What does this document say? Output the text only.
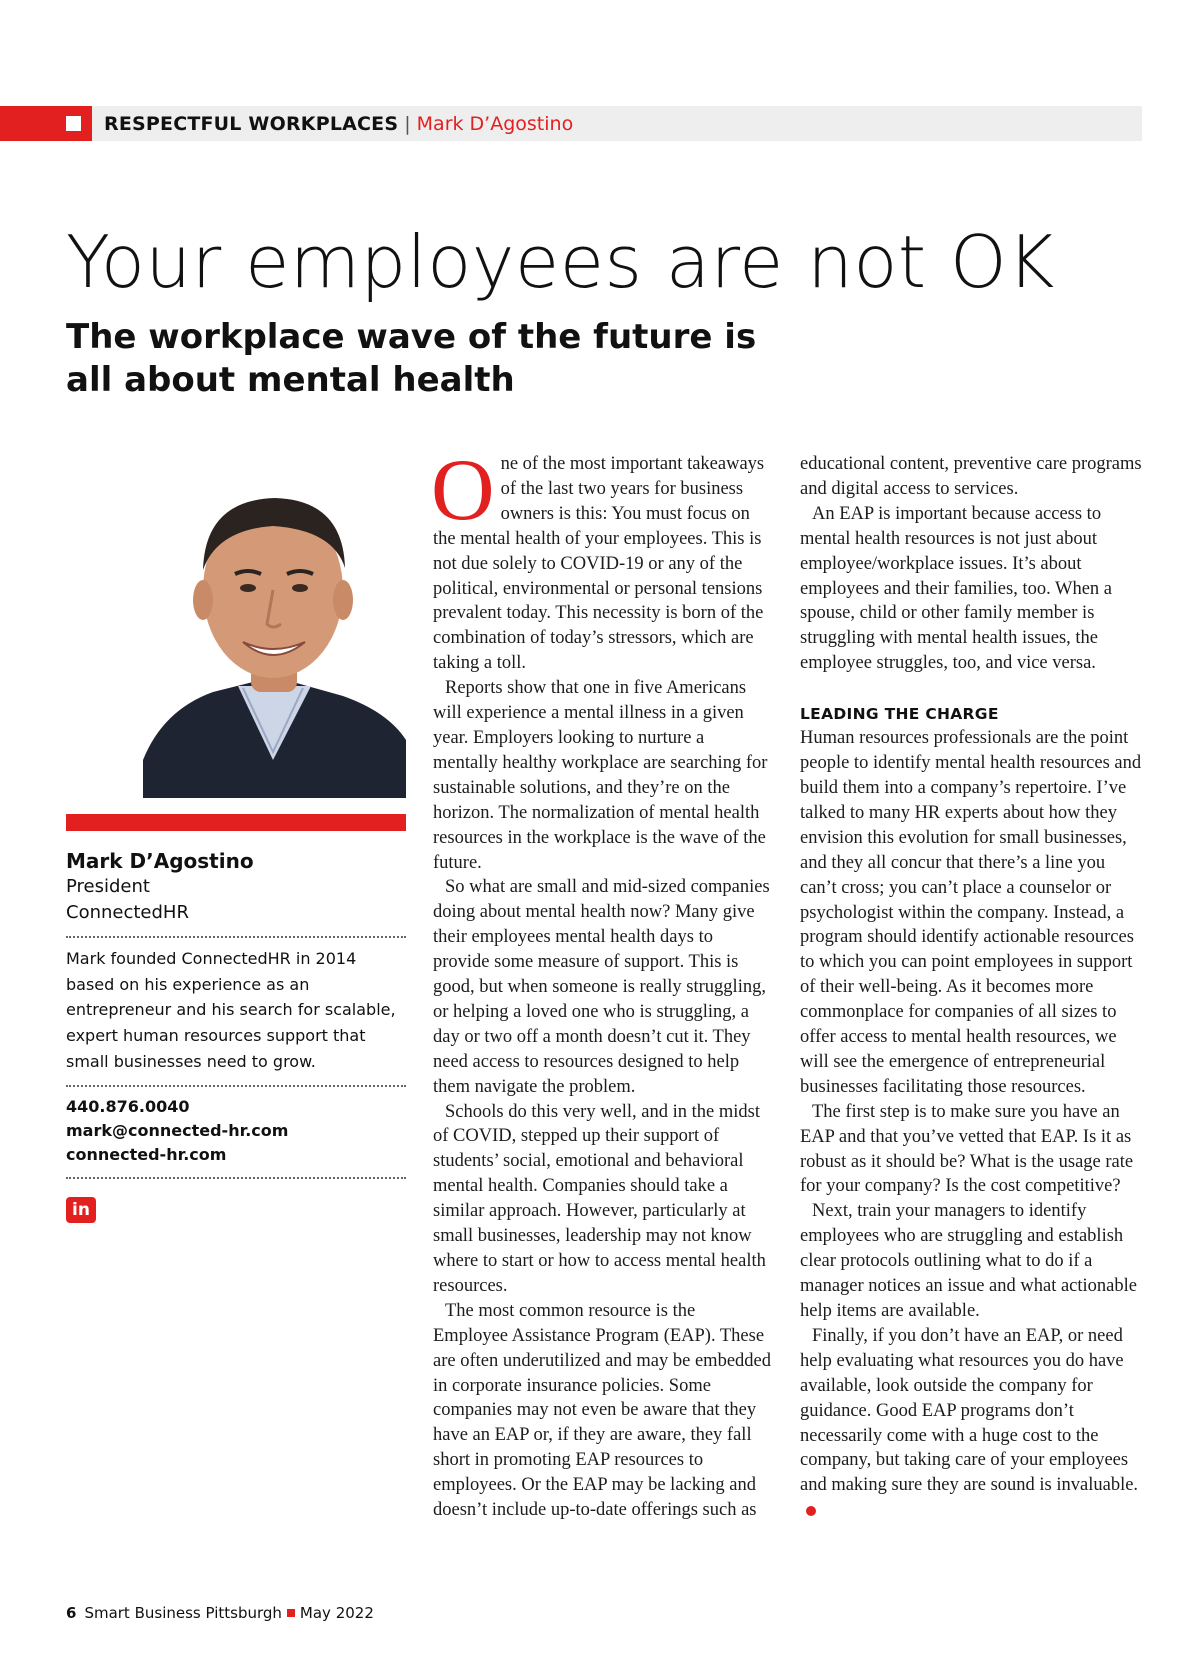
RESPECTFUL WORKPLACES | Mark D’Agostino
Your employees are not OK
The workplace wave of the future is all about mental health
Mark D’Agostino
President
ConnectedHR
Mark founded ConnectedHR in 2014 based on his experience as an entrepreneur and his search for scalable, expert human resources support that small businesses need to grow.
440.876.0040
mark@connected-hr.com
connected-hr.com
in

One of the most important takeaways of the last two years for business owners is this: You must focus on the mental health of your employees. This is not due solely to COVID-19 or any of the political, environmental or personal tensions prevalent today. This necessity is born of the combination of today’s stressors, which are taking a toll.

Reports show that one in five Americans will experience a mental illness in a given year. Employers looking to nurture a mentally healthy workplace are searching for sustainable solutions, and they’re on the horizon. The normalization of mental health resources in the workplace is the wave of the future.

So what are small and mid-sized companies doing about mental health now? Many give their employees mental health days to provide some measure of support. This is good, but when someone is really struggling, or helping a loved one who is struggling, a day or two off a month doesn’t cut it. They need access to resources designed to help them navigate the problem.

Schools do this very well, and in the midst of COVID, stepped up their support of students’ social, emotional and behavioral mental health. Companies should take a similar approach. However, particularly at small businesses, leadership may not know where to start or how to access mental health resources.

The most common resource is the Employee Assistance Program (EAP). These are often underutilized and may be embedded in corporate insurance policies. Some companies may not even be aware that they have an EAP or, if they are aware, they fall short in promoting EAP resources to employees. Or the EAP may be lacking and doesn’t include up-to-date offerings such as

educational content, preventive care programs and digital access to services.

An EAP is important because access to mental health resources is not just about employee/workplace issues. It’s about employees and their families, too. When a spouse, child or other family member is struggling with mental health issues, the employee struggles, too, and vice versa.

LEADING THE CHARGE

Human resources professionals are the point people to identify mental health resources and build them into a company’s repertoire. I’ve talked to many HR experts about how they envision this evolution for small businesses, and they all concur that there’s a line you can’t cross; you can’t place a counselor or psychologist within the company. Instead, a program should identify actionable resources to which you can point employees in support of their well-being. As it becomes more commonplace for companies of all sizes to offer access to mental health resources, we will see the emergence of entrepreneurial businesses facilitating those resources.

The first step is to make sure you have an EAP and that you’ve vetted that EAP. Is it as robust as it should be? What is the usage rate for your company? Is the cost competitive?

Next, train your managers to identify employees who are struggling and establish clear protocols outlining what to do if a manager notices an issue and what actionable help items are available.

Finally, if you don’t have an EAP, or need help evaluating what resources you do have available, look outside the company for guidance. Good EAP programs don’t necessarily come with a huge cost to the company, but taking care of your employees and making sure they are sound is invaluable.

6 Smart Business Pittsburgh May 2022
